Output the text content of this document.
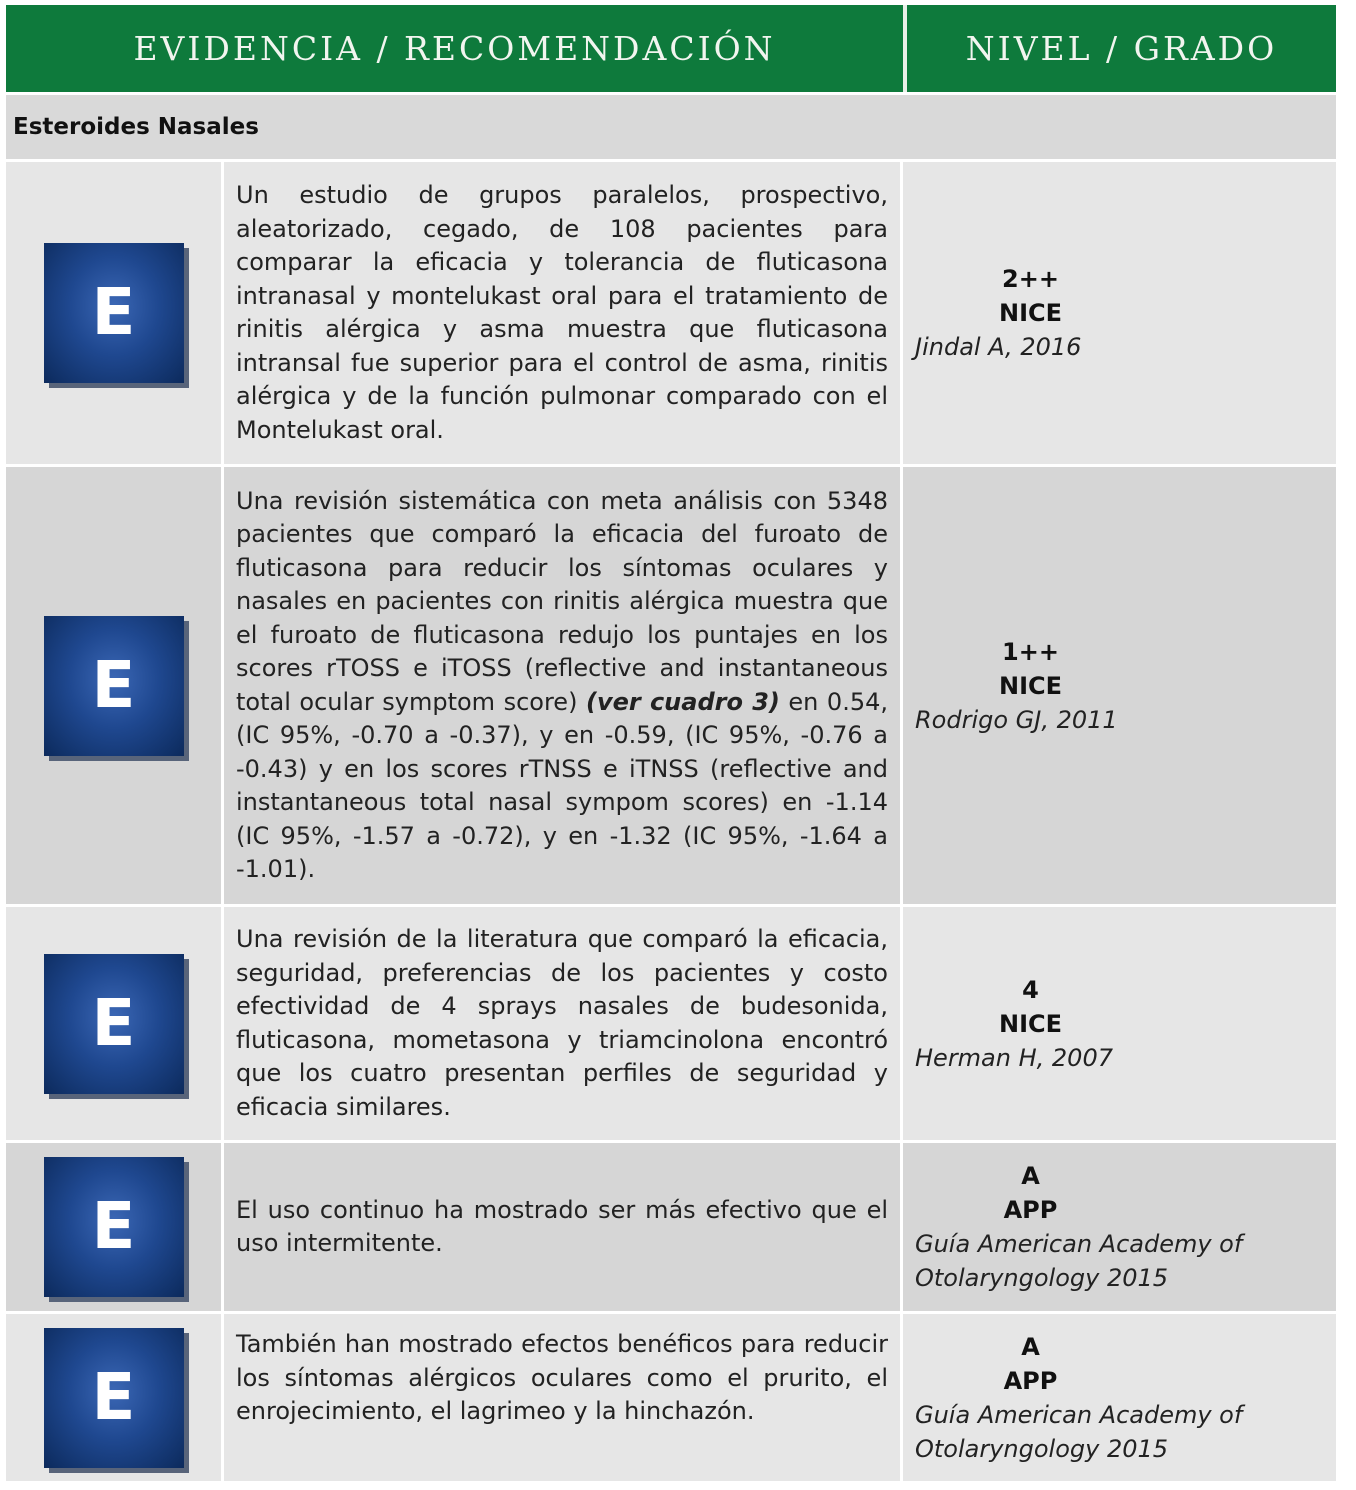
EVIDENCIA / RECOMENDACIÓN	NIVEL / GRADO
Esteroides Nasales
E

Un estudio de grupos paralelos, prospectivo, aleatorizado, cegado, de 108 pacientes para comparar la eficacia y tolerancia de fluticasona intranasal y montelukast oral para el tratamiento de rinitis alérgica y asma muestra que fluticasona intransal fue superior para el control de asma, rinitis alérgica y de la función pulmonar comparado con el Montelukast oral.

2++
NICE
Jindal A, 2016
E

Una revisión sistemática con meta análisis con 5348 pacientes que comparó la eficacia del furoato de fluticasona para reducir los síntomas oculares y nasales en pacientes con rinitis alérgica muestra que el furoato de fluticasona redujo los puntajes en los scores rTOSS e iTOSS (reflective and instantaneous total ocular symptom score) (ver cuadro 3) en 0.54, (IC 95%, -0.70 a -0.37), y en -0.59, (IC 95%, -0.76 a -0.43) y en los scores rTNSS e iTNSS (reflective and instantaneous total nasal sympom scores) en -1.14 (IC 95%, -1.57 a -0.72), y en -1.32 (IC 95%, -1.64 a -1.01).

1++
NICE
Rodrigo GJ, 2011
E

Una revisión de la literatura que comparó la eficacia, seguridad, preferencias de los pacientes y costo efectividad de 4 sprays nasales de budesonida, fluticasona, mometasona y triamcinolona encontró que los cuatro presentan perfiles de seguridad y eficacia similares.

4
NICE
Herman H, 2007
E	El uso continuo ha mostrado ser más efectivo que el uso intermitente.

A
APP
Guía American Academy of Otolaryngology 2015
E

También han mostrado efectos benéficos para reducir los síntomas alérgicos oculares como el prurito, el enrojecimiento, el lagrimeo y la hinchazón.

A
APP
Guía American Academy of Otolaryngology 2015
